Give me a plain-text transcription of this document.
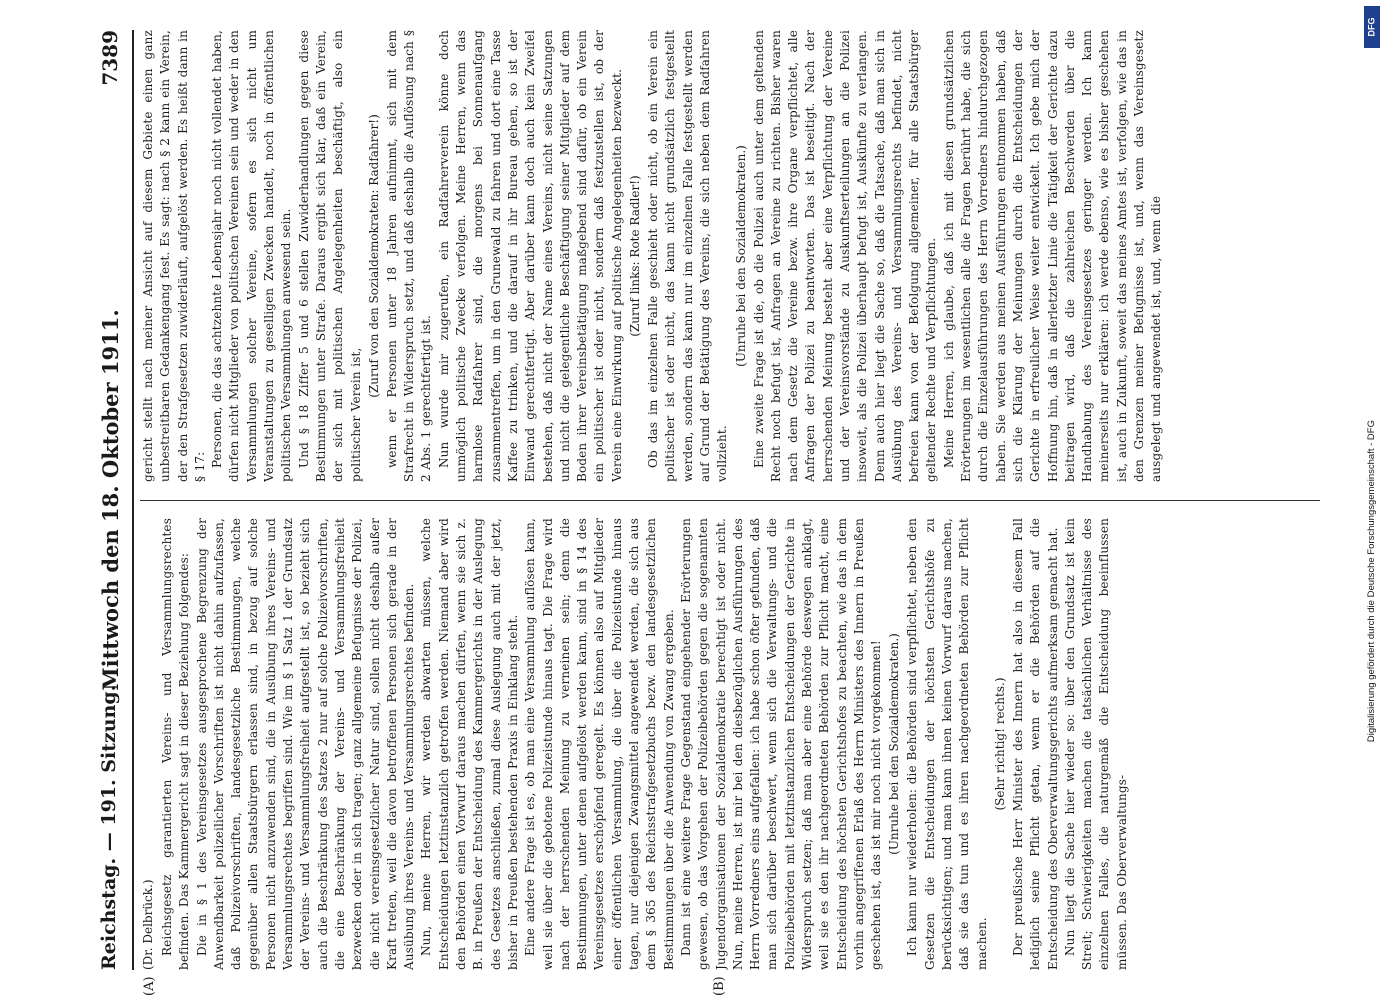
Reichstag. — 191. Sitzung.
Mittwoch den 18. Oktober 1911.
7389
(A)	(B)
(Dr. Delbrück.) Reichsgesetz garantierten Vereins- und Versammlungsrechtes befinden. Das Kammergericht sagt in dieser Beziehung folgendes: Die in § 1 des Vereinsgesetzes ausgesprochene Begrenzung der Anwendbarkeit polizeilicher Vorschriften ist nicht dahin aufzufassen, daß Polizeivorschriften, landesgesetzliche Bestimmungen, welche gegenüber allen Staatsbürgern erlassen sind, in bezug auf solche Personen nicht anzuwenden sind, die in Ausübung ihres Vereins- und Versammlungsrechtes begriffen sind. Wie im § 1 Satz 1 der Grundsatz der Vereins- und Versammlungsfreiheit aufgestellt ist, so bezieht sich auch die Beschränkung des Satzes 2 nur auf solche Polizeivorschriften, die eine Beschränkung der Vereins- und Versammlungsfreiheit bezwecken oder in sich tragen; ganz allgemeine Befugnisse der Polizei, die nicht vereinsgesetzlicher Natur sind, sollen nicht deshalb außer Kraft treten, weil die davon betroffenen Personen sich gerade in der Ausübung ihres Vereins- und Versammlungsrechtes befinden. Nun, meine Herren, wir werden abwarten müssen, welche Entscheidungen letztinstanzlich getroffen werden. Niemand aber wird den Behörden einen Vorwurf daraus machen dürfen, wenn sie sich z. B. in Preußen der Entscheidung des Kammergerichts in der Auslegung des Gesetzes anschließen, zumal diese Auslegung auch mit der jetzt, bisher in Preußen bestehenden Praxis in Einklang steht. Eine andere Frage ist es, ob man eine Versammlung auflösen kann, weil sie über die gebotene Polizeistunde hinaus tagt. Die Frage wird nach der herrschenden Meinung zu verneinen sein; denn die Bestimmungen, unter denen aufgelöst werden kann, sind in § 14 des Vereinsgesetzes erschöpfend geregelt. Es können also auf Mitglieder einer öffentlichen Versammlung, die über die Polizeistunde hinaus tagen, nur diejenigen Zwangsmittel angewendet werden, die sich aus dem § 365 des Reichsstrafgesetzbuchs bezw. den landesgesetzlichen Bestimmungen über die Anwendung von Zwang ergeben. Dann ist eine weitere Frage Gegenstand eingehender Erörterungen gewesen, ob das Vorgehen der Polizeibehörden gegen die sogenannten Jugendorganisationen der Sozialdemokratie berechtigt ist oder nicht. Nun, meine Herren, ist mir bei den diesbezüglichen Ausführungen des Herrn Vorredners eins aufgefallen: ich habe schon öfter gefunden, daß man sich darüber beschwert, wenn sich die Verwaltungs- und die Polizeibehörden mit letztinstanzlichen Entscheidungen der Gerichte in Widerspruch setzen; daß man aber eine Behörde deswegen anklagt, weil sie es den ihr nachgeordneten Behörden zur Pflicht macht, eine Entscheidung des höchsten Gerichtshofes zu beachten, wie das in dem vorhin angegriffenen Erlaß des Herrn Ministers des Innern in Preußen geschehen ist, das ist mir noch nicht vorgekommen! (Unruhe bei den Sozialdemokraten.) Ich kann nur wiederholen: die Behörden sind verpflichtet, neben den Gesetzen die Entscheidungen der höchsten Gerichtshöfe zu berücksichtigen; und man kann ihnen keinen Vorwurf daraus machen, daß sie das tun und es ihren nachgeordneten Behörden zur Pflicht machen.

(Sehr richtig! rechts.) Der preußische Herr Minister des Innern hat also in diesem Fall lediglich seine Pflicht getan, wenn er die Behörden auf die Entscheidung des Oberverwaltungsgerichts aufmerksam gemacht hat. Nun liegt die Sache hier wieder so: über den Grundsatz ist kein Streit; Schwierigkeiten machen die tatsächlichen Verhältnisse des einzelnen Falles, die naturgemäß die Entscheidung beeinflussen müssen. Das Oberverwaltungs-

gericht stellt nach meiner Ansicht auf diesem Gebiete einen ganz unbestreitbaren Gedankengang fest. Es sagt: nach § 2 kann ein Verein, der den Strafgesetzen zuwiderläuft, aufgelöst werden. Es heißt dann in § 17: Personen, die das achtzehnte Lebensjahr noch nicht vollendet haben, dürfen nicht Mitglieder von politischen Vereinen sein und weder in den Versammlungen solcher Vereine, sofern es sich nicht um Veranstaltungen zu geselligen Zwecken handelt, noch in öffentlichen politischen Versammlungen anwesend sein. Und § 18 Ziffer 5 und 6 stellen Zuwiderhandlungen gegen diese Bestimmungen unter Strafe. Daraus ergibt sich klar, daß ein Verein, der sich mit politischen Angelegenheiten beschäftigt, also ein politischer Verein ist,

(Zuruf von den Sozialdemokraten: Radfahrer!) wenn er Personen unter 18 Jahren aufnimmt, sich mit dem Strafrecht in Widerspruch setzt, und daß deshalb die Auflösung nach § 2 Abs. 1 gerechtfertigt ist. Nun wurde mir zugerufen, ein Radfahrerverein könne doch unmöglich politische Zwecke verfolgen. Meine Herren, wenn das harmlose Radfahrer sind, die morgens bei Sonnenaufgang zusammentreffen, um in den Grunewald zu fahren und dort eine Tasse Kaffee zu trinken, und die darauf in ihr Bureau gehen, so ist der Einwand gerechtfertigt. Aber darüber kann doch auch kein Zweifel bestehen, daß nicht der Name eines Vereins, nicht seine Satzungen und nicht die gelegentliche Beschäftigung seiner Mitglieder auf dem Boden ihrer Vereinsbetätigung maßgebend sind dafür, ob ein Verein ein politischer ist oder nicht, sondern daß festzustellen ist, ob der Verein eine Einwirkung auf politische Angelegenheiten bezweckt. (Zuruf links: Rote Radler!) Ob das im einzelnen Falle geschieht oder nicht, ob ein Verein ein politischer ist oder nicht, das kann nicht grundsätzlich festgestellt werden, sondern das kann nur im einzelnen Falle festgestellt werden auf Grund der Betätigung des Vereins, die sich neben dem Radfahren vollzieht.

(Unruhe bei den Sozialdemokraten.) Eine zweite Frage ist die, ob die Polizei auch unter dem geltenden Recht noch befugt ist, Anfragen an Vereine zu richten. Bisher waren nach dem Gesetz die Vereine bezw. ihre Organe verpflichtet, alle Anfragen der Polizei zu beantworten. Das ist beseitigt. Nach der herrschenden Meinung besteht aber eine Verpflichtung der Vereine und der Vereinsvorstände zu Auskunftserteilungen an die Polizei insoweit, als die Polizei überhaupt befugt ist, Auskünfte zu verlangen. Denn auch hier liegt die Sache so, daß die Tatsache, daß man sich in Ausübung des Vereins- und Versammlungsrechts befindet, nicht befreien kann von der Befolgung allgemeiner, für alle Staatsbürger geltender Rechte und Verpflichtungen. Meine Herren, ich glaube, daß ich mit diesen grundsätzlichen Erörterungen im wesentlichen alle die Fragen berührt habe, die sich durch die Einzelausführungen des Herrn Vorredners hindurchgezogen haben. Sie werden aus meinen Ausführungen entnommen haben, daß sich die Klärung der Meinungen durch die Entscheidungen der Gerichte in erfreulicher Weise weiter entwickelt. Ich gebe mich der Hoffnung hin, daß in allerletzter Linie die Tätigkeit der Gerichte dazu beitragen wird, daß die zahlreichen Beschwerden über die Handhabung des Vereinsgesetzes geringer werden. Ich kann meinerseits nur erklären: ich werde ebenso, wie es bisher geschehen ist, auch in Zukunft, soweit das meines Amtes ist, verfolgen, wie das in den Grenzen meiner Befugnisse ist, und, wenn das Vereinsgesetz ausgelegt und angewendet ist, und, wenn die

DFG
Digitalisierung gefördert durch die Deutsche Forschungsgemeinschaft - DFG
